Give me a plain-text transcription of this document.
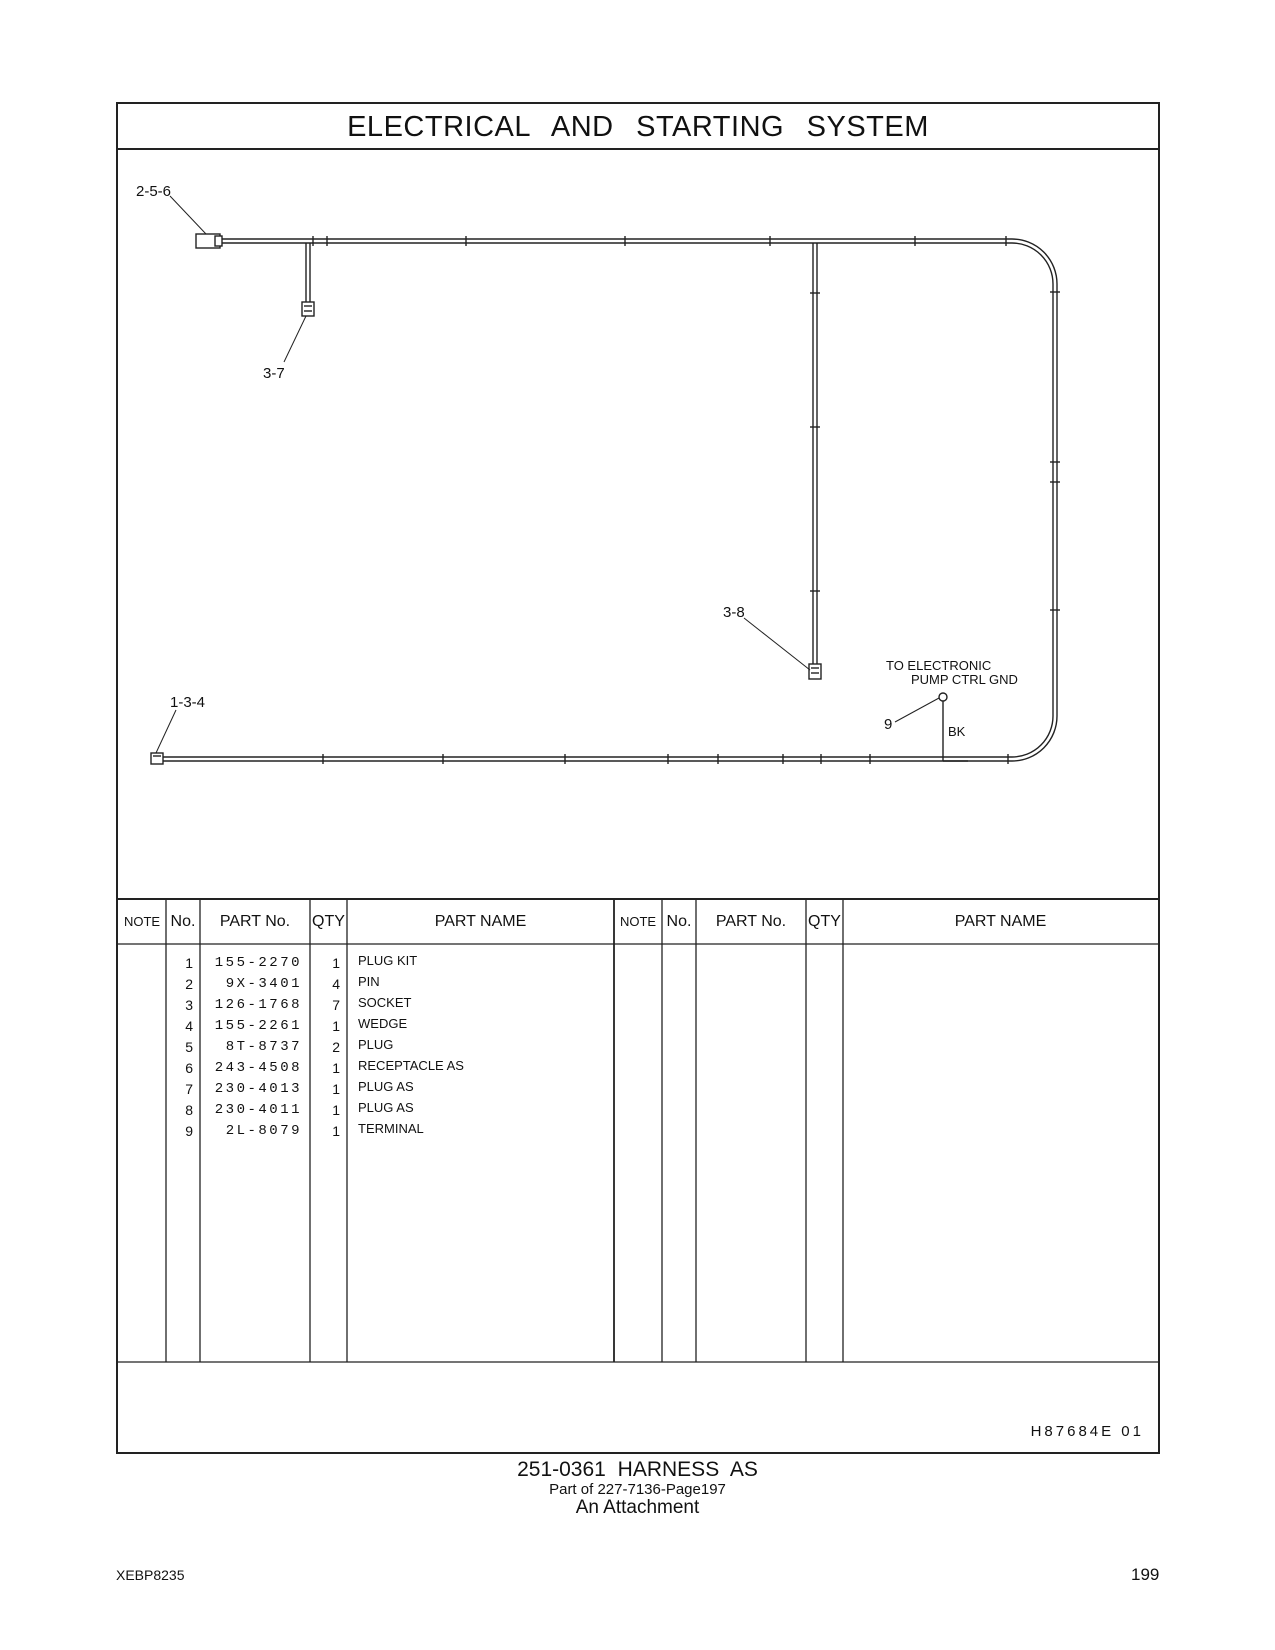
ELECTRICAL AND STARTING SYSTEM
2-5-6
3-7
3-8
1-3-4
9
TO ELECTRONIC
PUMP CTRL GND
BK
NOTE No.	PART No.	QTY	PART NAME	NOTE No.	PART No.	QTY	PART NAME
1	155-2270	1 PLUG KIT
2	9X-3401	4 PIN
3	126-1768	7 SOCKET
4	155-2261	1 WEDGE
5	8T-8737	2 PLUG
6	243-4508	1 RECEPTACLE AS
7	230-4013	1 PLUG AS
8	230-4011	1 PLUG AS
9	2L-8079	1 TERMINAL
H87684E 01
251-0361 HARNESS AS
Part of 227-7136-Page197
An Attachment
XEBP8235	199
